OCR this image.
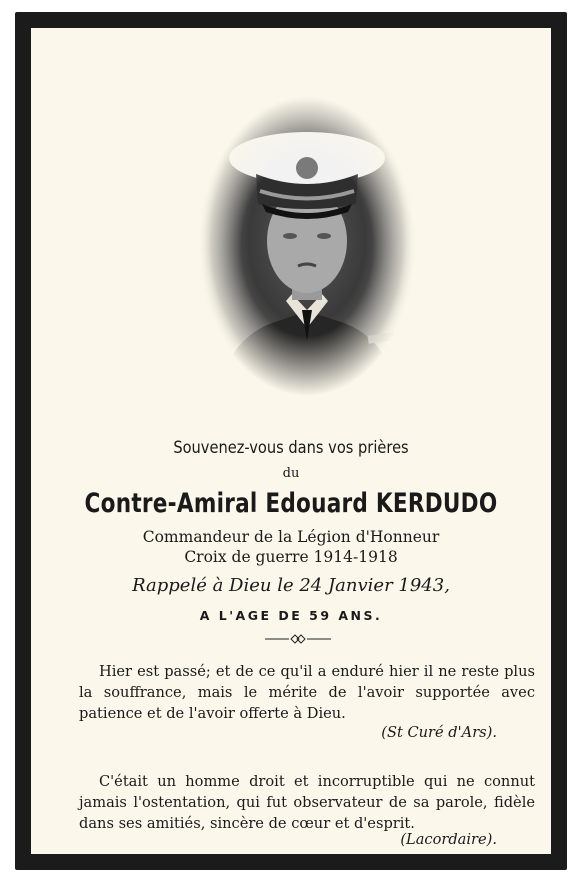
Souvenez-vous dans vos prières
du
Contre-Amiral Edouard KERDUDO
Commandeur de la Légion d'Honneur
Croix de guerre 1914-1918
Rappelé à Dieu le 24 Janvier 1943,
A L'AGE DE 59 ANS.
Hier est passé; et de ce qu'il a enduré hier il ne reste plus la souffrance, mais le mérite de l'avoir supportée avec patience et de l'avoir offerte à Dieu.
(St Curé d'Ars).
C'était un homme droit et incorruptible qui ne connut jamais l'ostentation, qui fut observateur de sa parole, fidèle dans ses amitiés, sincère de cœur et d'esprit.
(Lacordaire).
